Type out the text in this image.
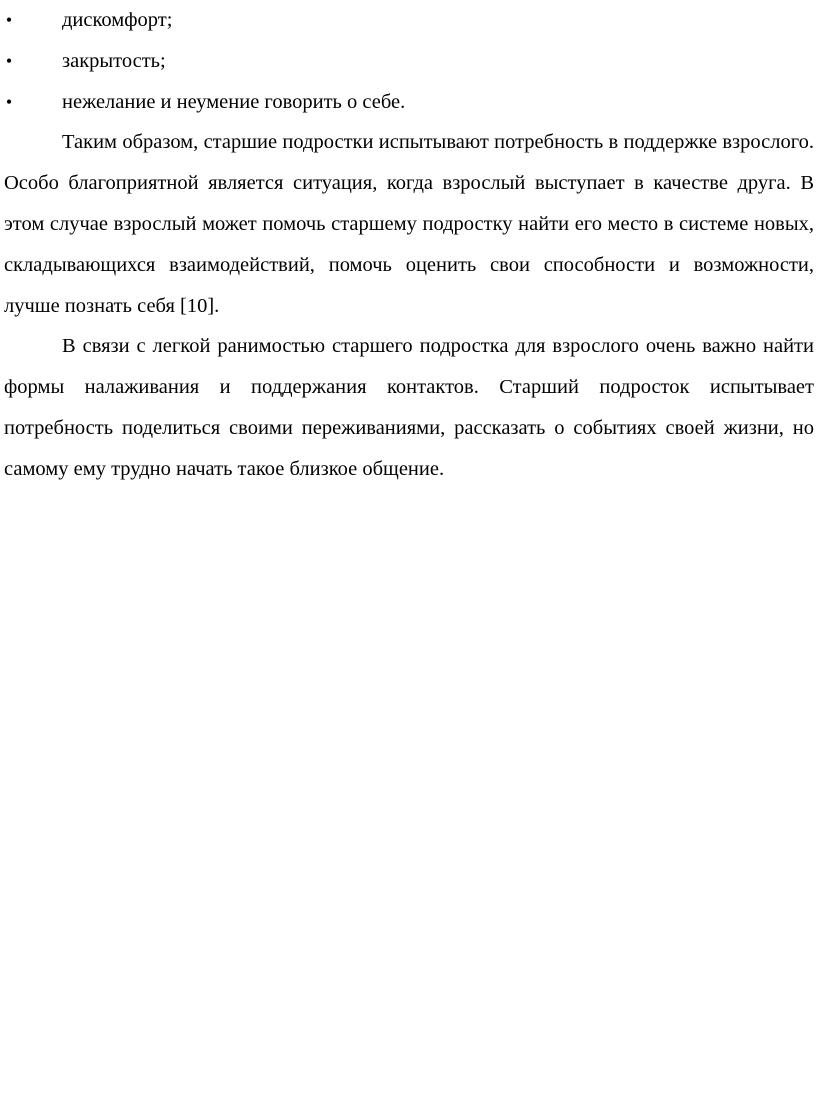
• дискомфорт;
• закрытость;
• нежелание и неумение говорить о себе.

Таким образом, старшие подростки испытывают потребность в поддержке взрослого. Особо благоприятной является ситуация, когда взрослый выступает в качестве друга. В этом случае взрослый может помочь старшему подростку найти его место в системе новых, складывающихся взаимодействий, помочь оценить свои способности и возможности, лучше познать себя [10].

В связи с легкой ранимостью старшего подростка для взрослого очень важно найти формы налаживания и поддержания контактов. Старший подросток испытывает потребность поделиться своими переживаниями, рассказать о событиях своей жизни, но самому ему трудно начать такое близкое общение.
